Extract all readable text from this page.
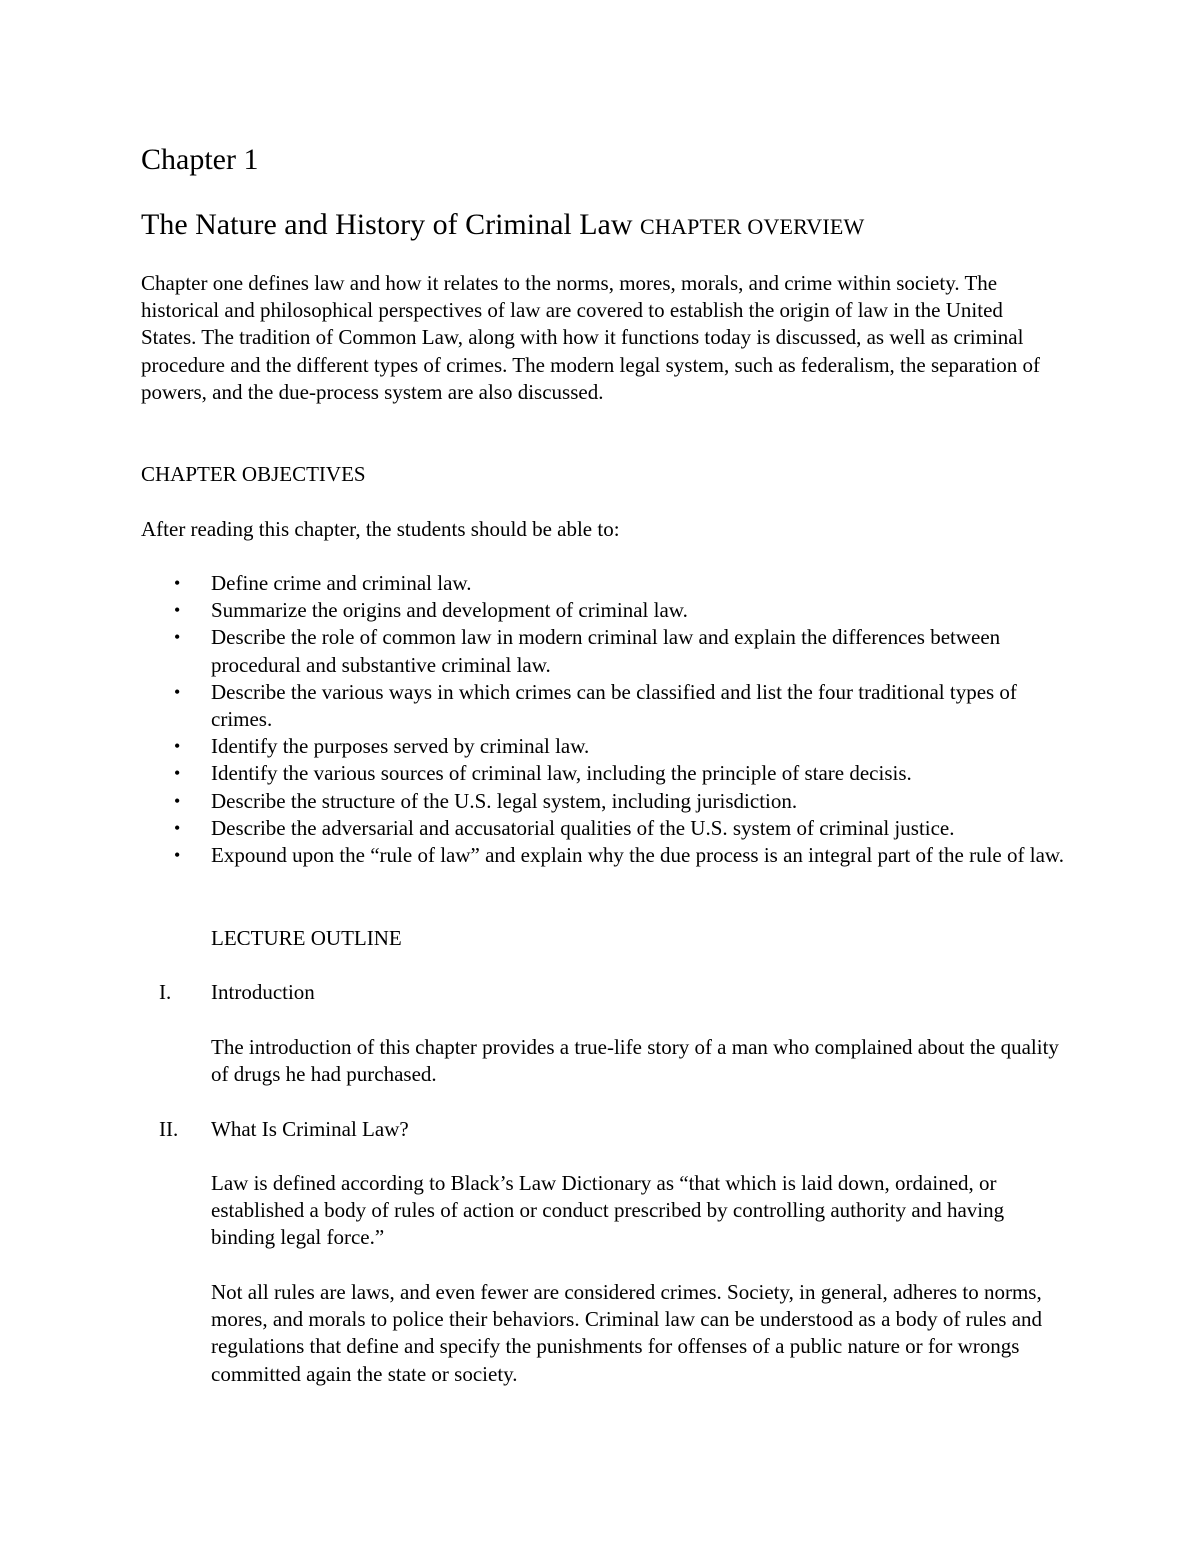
Chapter 1
The Nature and History of Criminal Law CHAPTER OVERVIEW

Chapter one defines law and how it relates to the norms, mores, morals, and crime within society. The historical and philosophical perspectives of law are covered to establish the origin of law in the United States. The tradition of Common Law, along with how it functions today is discussed, as well as criminal procedure and the different types of crimes. The modern legal system, such as federalism, the separation of powers, and the due-process system are also discussed.

CHAPTER OBJECTIVES

After reading this chapter, the students should be able to:

• Define crime and criminal law.
• Summarize the origins and development of criminal law.
• Describe the role of common law in modern criminal law and explain the differences between procedural and substantive criminal law.
• Describe the various ways in which crimes can be classified and list the four traditional types of crimes.
• Identify the purposes served by criminal law.
• Identify the various sources of criminal law, including the principle of stare decisis.
• Describe the structure of the U.S. legal system, including jurisdiction.
• Describe the adversarial and accusatorial qualities of the U.S. system of criminal justice.
• Expound upon the “rule of law” and explain why the due process is an integral part of the rule of law.
LECTURE OUTLINE
I. Introduction

The introduction of this chapter provides a true-life story of a man who complained about the quality of drugs he had purchased.

II. What Is Criminal Law?

Law is defined according to Black’s Law Dictionary as “that which is laid down, ordained, or established a body of rules of action or conduct prescribed by controlling authority and having binding legal force.”

Not all rules are laws, and even fewer are considered crimes. Society, in general, adheres to norms, mores, and morals to police their behaviors. Criminal law can be understood as a body of rules and regulations that define and specify the punishments for offenses of a public nature or for wrongs committed again the state or society.
